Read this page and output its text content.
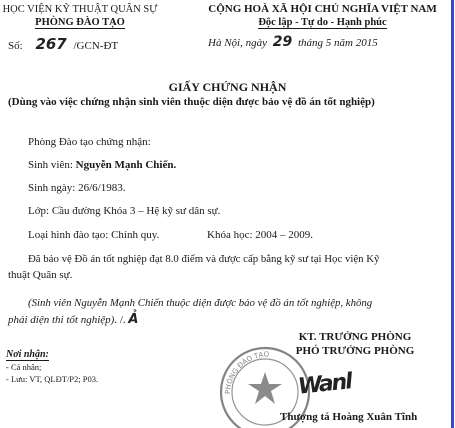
HỌC VIỆN KỸ THUẬT QUÂN SỰ
PHÒNG ĐÀO TẠO
Số: 267 /GCN-ĐT
CỘNG HOÀ XÃ HỘI CHỦ NGHĨA VIỆT NAM
Độc lập - Tự do - Hạnh phúc
Hà Nội, ngày 29 tháng 5 năm 2015
GIẤY CHỨNG NHẬN
(Dùng vào việc chứng nhận sinh viên thuộc diện được bảo vệ đồ án tốt nghiệp)
Phòng Đào tạo chứng nhận:
Sinh viên: Nguyễn Mạnh Chiến.
Sinh ngày: 26/6/1983.
Lớp: Cầu đường Khóa 3 – Hệ kỹ sư dân sự.
Loại hình đào tạo: Chính quy.	Khóa học: 2004 – 2009.
Đã bảo vệ Đồ án tốt nghiệp đạt 8.0 điểm và được cấp bằng kỹ sư tại Học viện Kỹ
thuật Quân sự.
(Sinh viên Nguyễn Mạnh Chiến thuộc diện được bảo vệ đồ án tốt nghiệp, không
phải diện thi tốt nghiệp). /. Ả
Nơi nhận:
- Cá nhân;
- Lưu: VT, QLĐT/P2; P03.
PHÒNG ĐÀO TẠO
KT. TRƯỞNG PHÒNG
PHÓ TRƯỞNG PHÒNG
Wanl
Thượng tá Hoàng Xuân Tĩnh
